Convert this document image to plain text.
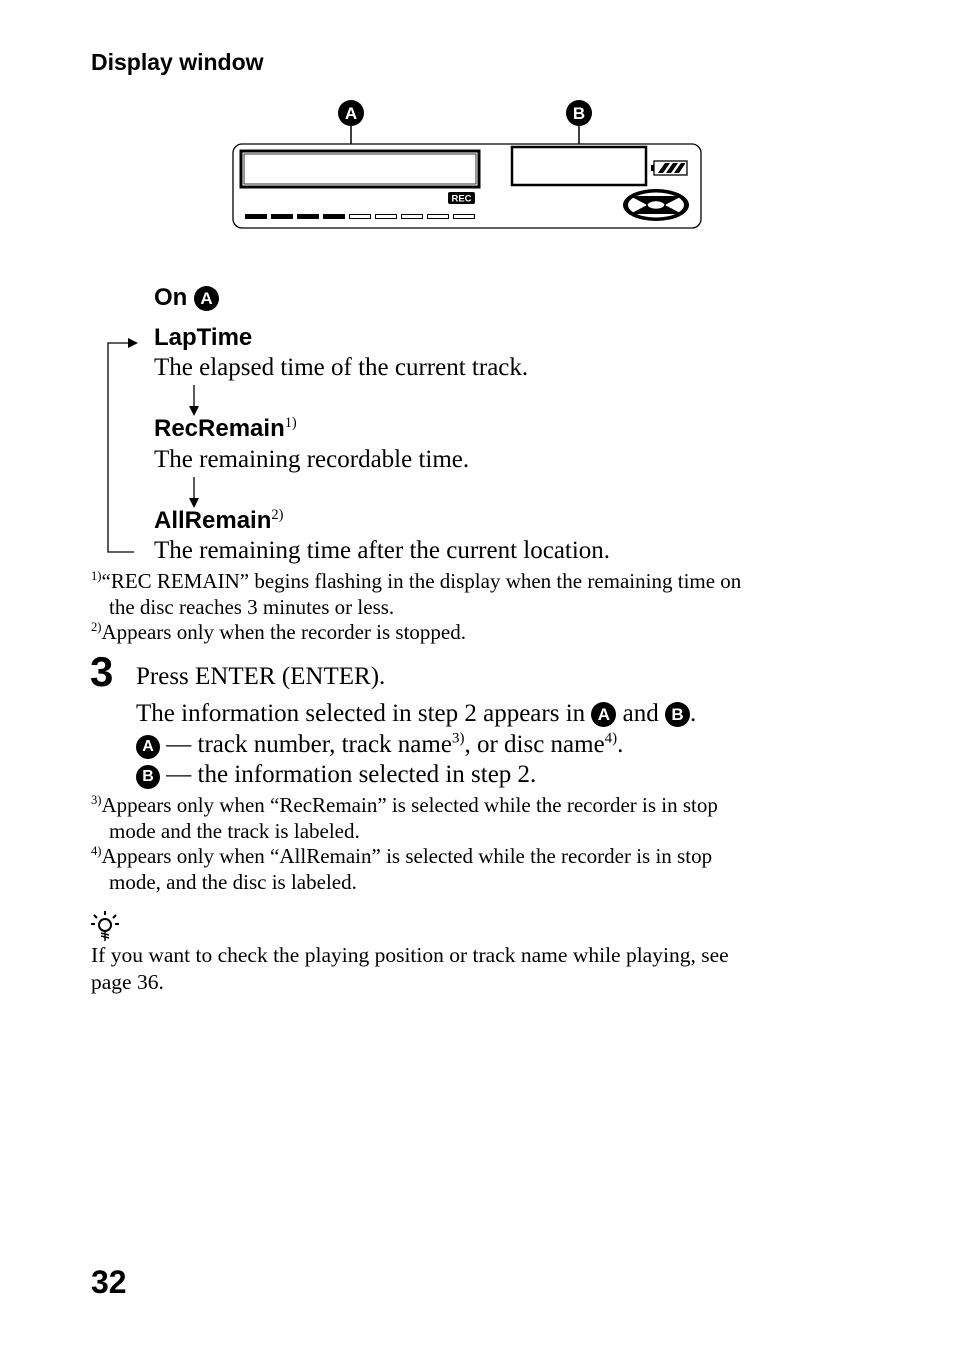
Display window
A	B
REC
On A
LapTime
The elapsed time of the current track.
RecRemain$^{1)}$
The remaining recordable time.
AllRemain$^{2)}$
The remaining time after the current location.
$^{1)}$“REC REMAIN” begins flashing in the display when the remaining time on
the disc reaches 3 minutes or less.
$^{2)}$Appears only when the recorder is stopped.
3 Press ENTER (ENTER).
The information selected in step 2 appears in A and B .
A — track number, track name$^{3)}$, or disc name$^{4)}$.
B — the information selected in step 2.
$^{3)}$Appears only when “RecRemain” is selected while the recorder is in stop
mode and the track is labeled.
$^{4)}$Appears only when “AllRemain” is selected while the recorder is in stop
mode, and the disc is labeled.
If you want to check the playing position or track name while playing, see
page 36.
32
